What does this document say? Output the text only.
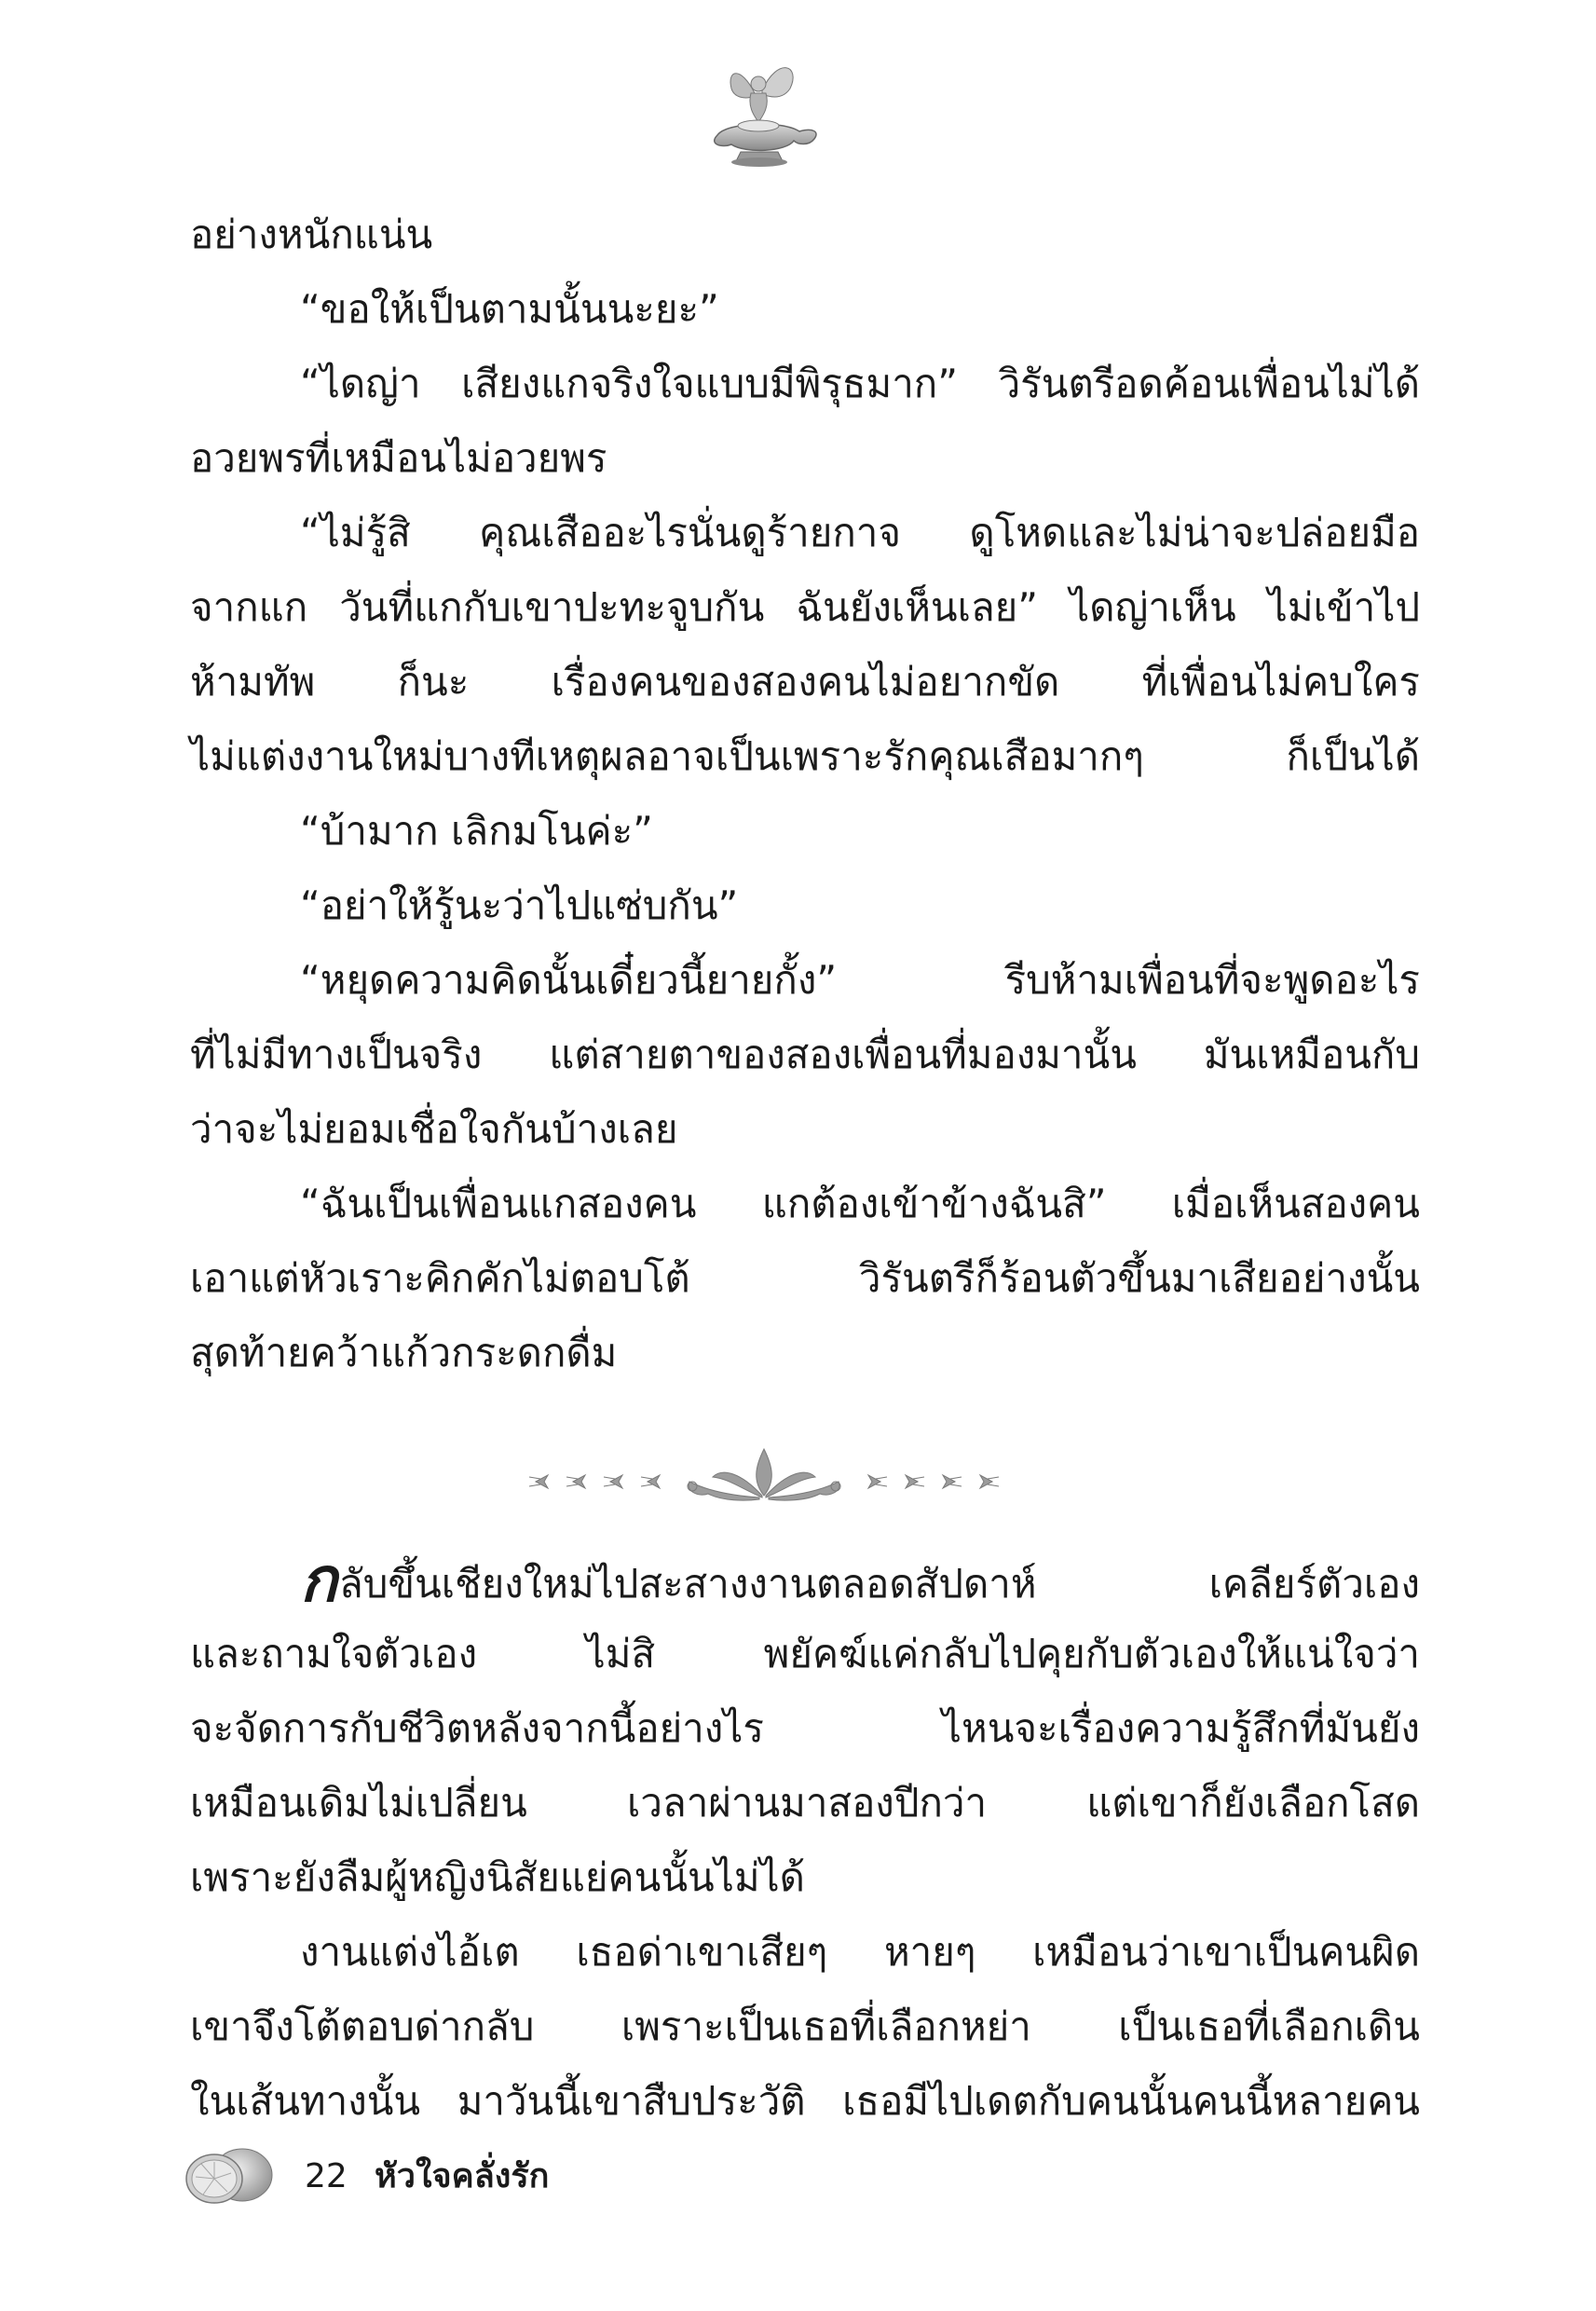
อย่างหนักแน่น
“ขอให้เป็นตามนั้นนะยะ”
“ไดญ่า เสียงแกจริงใจแบบมีพิรุธมาก” วิรันตรีอดค้อนเพื่อนไม่ได้
อวยพรที่เหมือนไม่อวยพร
“ไม่รู้สิ คุณเสืออะไรนั่นดูร้ายกาจ ดูโหดและไม่น่าจะปล่อยมือ
จากแก วันที่แกกับเขาปะทะจูบกัน ฉันยังเห็นเลย” ไดญ่าเห็น ไม่เข้าไป
ห้ามทัพ ก็นะ เรื่องคนของสองคนไม่อยากขัด ที่เพื่อนไม่คบใคร
ไม่แต่งงานใหม่บางทีเหตุผลอาจเป็นเพราะรักคุณเสือมากๆ ก็เป็นได้
“บ้ามาก เลิกมโนค่ะ”
“อย่าให้รู้นะว่าไปแซ่บกัน”
“หยุดความคิดนั้นเดี๋ยวนี้ยายกั้ง” รีบห้ามเพื่อนที่จะพูดอะไร
ที่ไม่มีทางเป็นจริง แต่สายตาของสองเพื่อนที่มองมานั้น มันเหมือนกับ
ว่าจะไม่ยอมเชื่อใจกันบ้างเลย
“ฉันเป็นเพื่อนแกสองคน แกต้องเข้าข้างฉันสิ” เมื่อเห็นสองคน
เอาแต่หัวเราะคิกคักไม่ตอบโต้ วิรันตรีก็ร้อนตัวขึ้นมาเสียอย่างนั้น
สุดท้ายคว้าแก้วกระดกดื่ม
กลับขึ้นเชียงใหม่ไปสะสางงานตลอดสัปดาห์ เคลียร์ตัวเอง
และถามใจตัวเอง ไม่สิ พยัคฆ์แค่กลับไปคุยกับตัวเองให้แน่ใจว่า
จะจัดการกับชีวิตหลังจากนี้อย่างไร ไหนจะเรื่องความรู้สึกที่มันยัง
เหมือนเดิมไม่เปลี่ยน เวลาผ่านมาสองปีกว่า แต่เขาก็ยังเลือกโสด
เพราะยังลืมผู้หญิงนิสัยแย่คนนั้นไม่ได้
งานแต่งไอ้เต เธอด่าเขาเสียๆ หายๆ เหมือนว่าเขาเป็นคนผิด
เขาจึงโต้ตอบด่ากลับ เพราะเป็นเธอที่เลือกหย่า เป็นเธอที่เลือกเดิน
ในเส้นทางนั้น มาวันนี้เขาสืบประวัติ เธอมีไปเดตกับคนนั้นคนนี้หลายคน
22 หัวใจคลั่งรัก
